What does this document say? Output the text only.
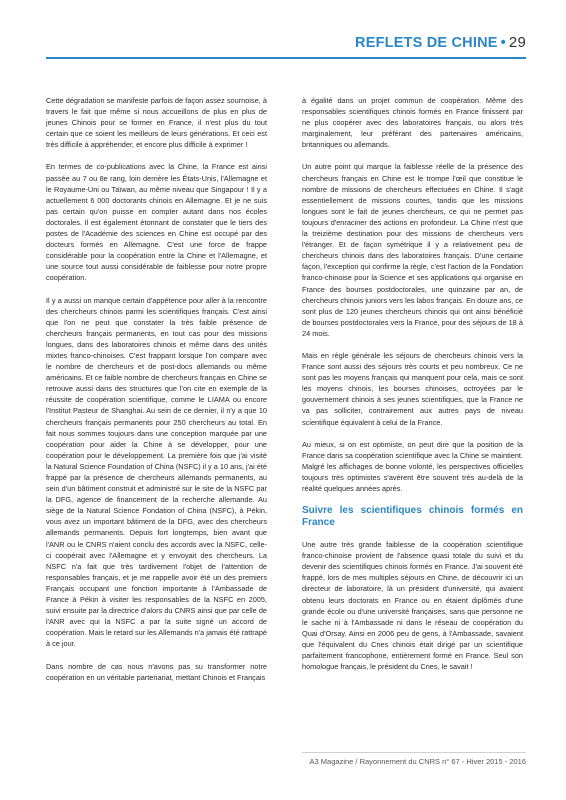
REFLETS DE CHINE • 29

Cette dégradation se manifeste parfois de façon assez sournoise, à travers le fait que même si nous accueillons de plus en plus de jeunes Chinois pour se former en France, il n'est plus du tout certain que ce soient les meilleurs de leurs générations. Et ceci est très difficile à appréhender, et encore plus difficile à exprimer !

En termes de co-publications avec la Chine, la France est ainsi passée au 7 ou 8e rang, loin derrière les États-Unis, l'Allemagne et le Royaume-Uni ou Taïwan, au même niveau que Singapour ! Il y a actuellement 6 000 doctorants chinois en Allemagne. Et je ne suis pas certain qu'on puisse en compter autant dans nos écoles doctorales. Il est également étonnant de constater que le tiers des postes de l'Académie des sciences en Chine est occupé par des docteurs formés en Allemagne. C'est une force de frappe considérable pour la coopération entre la Chine et l'Allemagne, et une source tout aussi considérable de faiblesse pour notre propre coopération.

Il y a aussi un manque certain d'appétence pour aller à la rencontre des chercheurs chinois parmi les scientifiques français. C'est ainsi que l'on ne peut que constater la très faible présence de chercheurs français permanents, en tout cas pour des missions longues, dans des laboratoires chinois et même dans des unités mixtes franco-chinoises. C'est frappant lorsque l'on compare avec le nombre de chercheurs et de post-docs allemands ou même américains. Et ce faible nombre de chercheurs français en Chine se retrouve aussi dans des structures que l'on cite en exemple de la réussite de coopération scientifique, comme le LIAMA ou encore l'Institut Pasteur de Shanghai. Au sein de ce dernier, il n'y a que 10 chercheurs français permanents pour 250 chercheurs au total. En fait nous sommes toujours dans une conception marquée par une coopération pour aider la Chine à se développer, pour une coopération pour le développement. La première fois que j'ai visité la Natural Science Foundation of China (NSFC) il y a 10 ans, j'ai été frappé par la présence de chercheurs allemands permanents, au sein d'un bâtiment construit et administré sur le site de la NSFC par la DFG, agence de financement de la recherche allemande. Au siège de la Natural Science Fondation of China (NSFC), à Pékin, vous avez un important bâtiment de la DFG, avec des chercheurs allemands permanents. Depuis fort longtemps, bien avant que l'ANR ou le CNRS n'aient conclu des accords avec la NSFC, celle-ci coopérait avec l'Allemagne et y envoyait des chercheurs. La NSFC n'a fait que très tardivement l'objet de l'attention de responsables français, et je me rappelle avoir été un des premiers Français occupant une fonction importante à l'Ambassade de France à Pékin à visiter les responsables de la NSFC en 2005, suivi ensuite par la directrice d'alors du CNRS ainsi que par celle de l'ANR avec qui la NSFC a par la suite signé un accord de coopération. Mais le retard sur les Allemands n'a jamais été rattrapé à ce jour.

Dans nombre de cas nous n'avons pas su transformer notre coopération en un véritable partenariat, mettant Chinois et Français

à égalité dans un projet commun de coopération. Même des responsables scientifiques chinois formés en France finissent par ne plus coopérer avec des laboratoires français, ou alors très marginalement, leur préférant des partenaires américains, britanniques ou allemands.

Un autre point qui marque la faiblesse réelle de la présence des chercheurs français en Chine est le trompe l'œil que constitue le nombre de missions de chercheurs effectuées en Chine. Il s'agit essentiellement de missions courtes, tandis que les missions longues sont le fait de jeunes chercheurs, ce qui ne permet pas toujours d'enraciner des actions en profondeur. La Chine n'est que la treizième destination pour des missions de chercheurs vers l'étranger. Et de façon symétrique il y a relativement peu de chercheurs chinois dans des laboratoires français. D'une certaine façon, l'exception qui confirme la règle, c'est l'action de la Fondation franco-chinoise pour la Science et ses applications qui organise en France des bourses postdoctorales, une quinzaine par an, de chercheurs chinois juniors vers les labos français. En douze ans, ce sont plus de 120 jeunes chercheurs chinois qui ont ainsi bénéficié de bourses postdoctorales vers la France, pour des séjours de 18 à 24 mois.

Mais en règle générale les séjours de chercheurs chinois vers la France sont aussi des séjours très courts et peu nombreux. Ce ne sont pas les moyens français qui manquent pour cela, mais ce sont les moyens chinois, les bourses chinoises, octroyées par le gouvernement chinois à ses jeunes scientifiques, que la France ne va pas solliciter, contrairement aux autres pays de niveau scientifique équivalent à celui de la France.

Au mieux, si on est optimiste, on peut dire que la position de la France dans sa coopération scientifique avec la Chine se maintient. Malgré les affichages de bonne volonté, les perspectives officielles toujours très optimistes s'avèrent être souvent très au-delà de la réalité quelques années après.

Suivre les scientifiques chinois formés en France

Une autre très grande faiblesse de la coopération scientifique franco-chinoise provient de l'absence quasi totale du suivi et du devenir des scientifiques chinois formés en France. J'ai souvent été frappé, lors de mes multiples séjours en Chine, de découvrir ici un directeur de laboratoire, là un président d'université, qui avaient obtenu leurs doctorats en France ou en étaient diplômés d'une grande école ou d'une université françaises, sans que personne ne le sache ni à l'Ambassade ni dans le réseau de coopération du Quai d'Orsay. Ainsi en 2006 peu de gens, à l'Ambassade, savaient que l'équivalent du Cnes chinois était dirigé par un scientifique parfaitement francophone, entièrement formé en France. Seul son homologue français, le président du Cnes, le savait !

A3 Magazine / Rayonnement du CNRS n° 67 - Hiver 2015 - 2016
